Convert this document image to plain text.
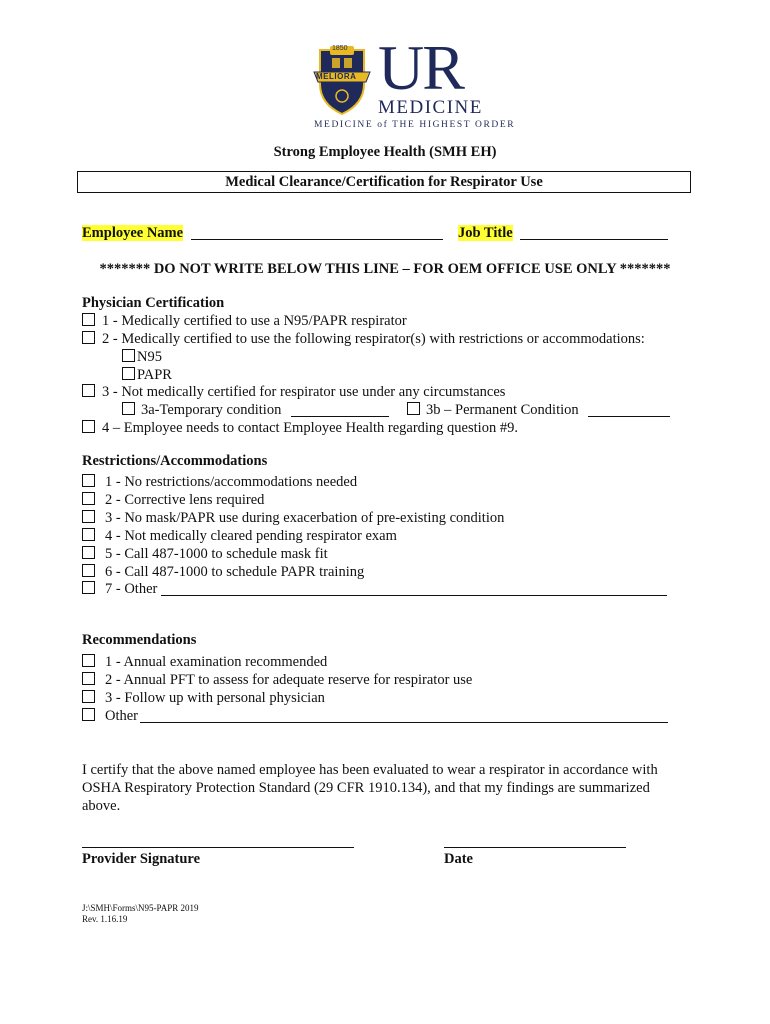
1850
MELIORA UR
MEDICINE
MEDICINE of THE HIGHEST ORDER
Strong Employee Health (SMH EH)
Medical Clearance/Certification for Respirator Use
Employee Name	Job Title
******* DO NOT WRITE BELOW THIS LINE – FOR OEM OFFICE USE ONLY *******
Physician Certification
1 - Medically certified to use a N95/PAPR respirator
2 - Medically certified to use the following respirator(s) with restrictions or accommodations:
N95
PAPR
3 - Not medically certified for respirator use under any circumstances
3a-Temporary condition	3b – Permanent Condition
4 – Employee needs to contact Employee Health regarding question #9.
Restrictions/Accommodations
1 - No restrictions/accommodations needed
2 - Corrective lens required
3 - No mask/PAPR use during exacerbation of pre-existing condition
4 - Not medically cleared pending respirator exam
5 - Call 487-1000 to schedule mask fit
6 - Call 487-1000 to schedule PAPR training
7 - Other
Recommendations
1 - Annual examination recommended
2 - Annual PFT to assess for adequate reserve for respirator use
3 - Follow up with personal physician
Other
I certify that the above named employee has been evaluated to wear a respirator in accordance with
OSHA Respiratory Protection Standard (29 CFR 1910.134), and that my findings are summarized
above.
Provider Signature	Date
J:\SMH\Forms\N95-PAPR 2019
Rev. 1.16.19
